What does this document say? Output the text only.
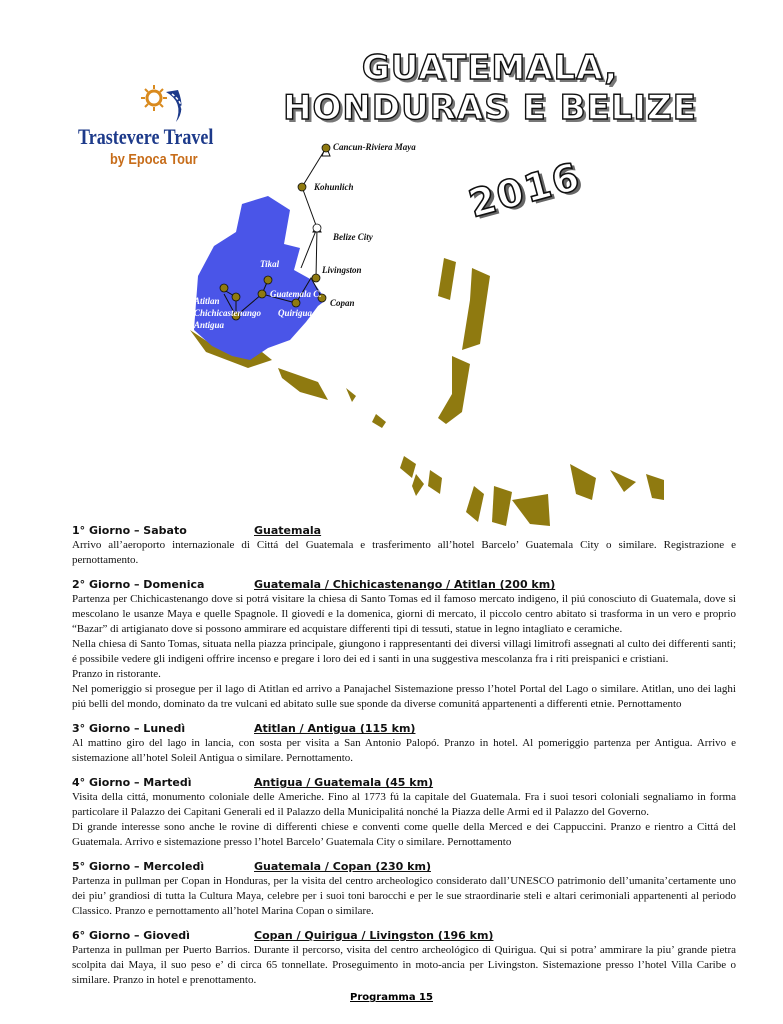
GUATEMALA,
HONDURAS E BELIZE
Trastevere Travel
by Epoca Tour	2016
Cancun-Riviera Maya
Kohunlich
Belize City
Tikal
Livingston
Guatemala C.
Copan
Atitlan
Chichicastenango Quirigua
Antigua
1° Giorno – Sabato	Guatemala

Arrivo all’aeroporto internazionale di Cittá del Guatemala e trasferimento all’hotel Barcelo’ Guatemala City o similare. Registrazione e pernottamento.

2° Giorno – Domenica	Guatemala / Chichicastenango / Atitlan (200 km)

Partenza per Chichicastenango dove si potrá visitare la chiesa di Santo Tomas ed il famoso mercato indigeno, il piú conosciuto di Guatemala, dove si mescolano le usanze Maya e quelle Spagnole. Il giovedí e la domenica, giorni di mercato, il piccolo centro abitato si trasforma in un vero e proprio “Bazar” di artigianato dove si possono ammirare ed acquistare differenti tipi di tessuti, statue in legno intagliato e ceramiche.

Nella chiesa di Santo Tomas, situata nella piazza principale, giungono i rappresentanti dei diversi villagi limitrofi assegnati al culto dei differenti santi; é possibile vedere gli indigeni offrire incenso e pregare i loro dei ed i santi in una suggestiva mescolanza fra i riti preispanici e cristiani.

Pranzo in ristorante.

Nel pomeriggio si prosegue per il lago di Atitlan ed arrivo a Panajachel Sistemazione presso l’hotel Portal del Lago o similare. Atitlan, uno dei laghi piú belli del mondo, dominato da tre vulcani ed abitato sulle sue sponde da diverse comunitá appartenenti a differenti etnie. Pernottamento

3° Giorno – Lunedì	Atitlan / Antigua (115 km)

Al mattino giro del lago in lancia, con sosta per visita a San Antonio Palopó. Pranzo in hotel. Al pomeriggio partenza per Antigua. Arrivo e sistemazione all’hotel Soleil Antigua o similare. Pernottamento.

4° Giorno – Martedì	Antigua / Guatemala (45 km)

Visita della cittá, monumento coloniale delle Americhe. Fino al 1773 fú la capitale del Guatemala. Fra i suoi tesori coloniali segnaliamo in forma particolare il Palazzo dei Capitani Generali ed il Palazzo della Municipalitá nonché la Piazza delle Armi ed il Palazzo del Governo.

Di grande interesse sono anche le rovine di differenti chiese e conventi come quelle della Merced e dei Cappuccini. Pranzo e rientro a Cittá del Guatemala. Arrivo e sistemazione presso l’hotel Barcelo’ Guatemala City o similare. Pernottamento

5° Giorno – Mercoledì	Guatemala / Copan (230 km)

Partenza in pullman per Copan in Honduras, per la visita del centro archeologico considerato dall’UNESCO patrimonio dell’umanita’certamente uno dei piu’ grandiosi di tutta la Cultura Maya, celebre per i suoi toni barocchi e per le sue straordinarie steli e altari cerimoniali appartenenti al periodo Classico. Pranzo e pernottamento all’hotel Marina Copan o similare.

6° Giorno – Giovedì	Copan / Quirigua / Livingston (196 km)

Partenza in pullman per Puerto Barrios. Durante il percorso, visita del centro archeológico di Quirigua. Qui si potra’ ammirare la piu’ grande pietra scolpita dai Maya, il suo peso e’ di circa 65 tonnellate. Proseguimento in moto-ancia per Livingston. Sistemazione presso l’hotel Villa Caribe o similare. Pranzo in hotel e prenottamento.

Programma 15
